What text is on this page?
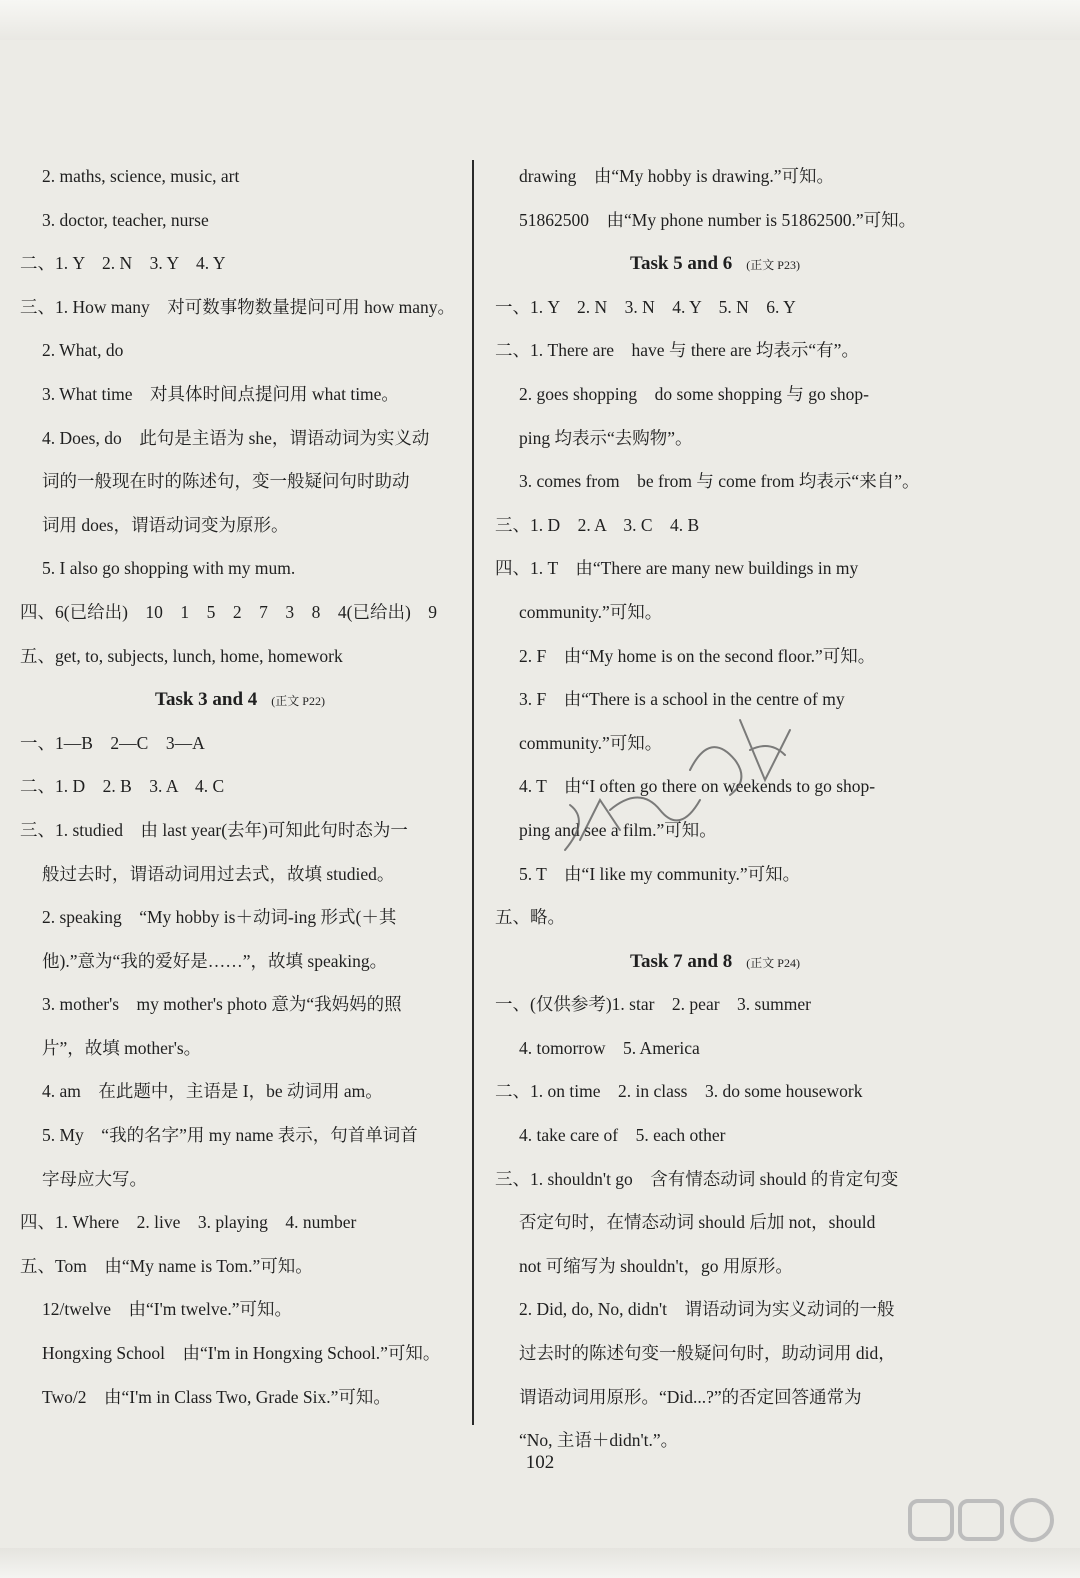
2. maths, science, music, art
3. doctor, teacher, nurse
二、1. Y　2. N　3. Y　4. Y
三、1. How many　对可数事物数量提问可用 how many。
2. What, do
3. What time　对具体时间点提问用 what time。
4. Does, do　此句是主语为 she，谓语动词为实义动
词的一般现在时的陈述句，变一般疑问句时助动
词用 does，谓语动词变为原形。
5. I also go shopping with my mum.
四、6(已给出)　10　1　5　2　7　3　8　4(已给出)　9
五、get, to, subjects, lunch, home, homework
Task 3 and 4 (正文 P22)
一、1—B　2—C　3—A
二、1. D　2. B　3. A　4. C
三、1. studied　由 last year(去年)可知此句时态为一
般过去时，谓语动词用过去式，故填 studied。
2. speaking　“My hobby is＋动词-ing 形式(＋其
他).”意为“我的爱好是……”，故填 speaking。
3. mother's　my mother's photo 意为“我妈妈的照
片”，故填 mother's。
4. am　在此题中，主语是 I，be 动词用 am。
5. My　“我的名字”用 my name 表示，句首单词首
字母应大写。
四、1. Where　2. live　3. playing　4. number
五、Tom　由“My name is Tom.”可知。
12/twelve　由“I'm twelve.”可知。
Hongxing School　由“I'm in Hongxing School.”可知。
Two/2　由“I'm in Class Two, Grade Six.”可知。
drawing　由“My hobby is drawing.”可知。
51862500　由“My phone number is 51862500.”可知。
Task 5 and 6 (正文 P23)
一、1. Y　2. N　3. N　4. Y　5. N　6. Y
二、1. There are　have 与 there are 均表示“有”。
2. goes shopping　do some shopping 与 go shop-
ping 均表示“去购物”。
3. comes from　be from 与 come from 均表示“来自”。
三、1. D　2. A　3. C　4. B
四、1. T　由“There are many new buildings in my
community.”可知。
2. F　由“My home is on the second floor.”可知。
3. F　由“There is a school in the centre of my
community.”可知。
4. T　由“I often go there on weekends to go shop-
ping and see a film.”可知。
5. T　由“I like my community.”可知。
五、略。
Task 7 and 8 (正文 P24)
一、(仅供参考)1. star　2. pear　3. summer
4. tomorrow　5. America
二、1. on time　2. in class　3. do some housework
4. take care of　5. each other
三、1. shouldn't go　含有情态动词 should 的肯定句变
否定句时，在情态动词 should 后加 not，should
not 可缩写为 shouldn't，go 用原形。
2. Did, do, No, didn't　谓语动词为实义动词的一般
过去时的陈述句变一般疑问句时，助动词用 did，
谓语动词用原形。“Did...?”的否定回答通常为
“No, 主语＋didn't.”。
102
